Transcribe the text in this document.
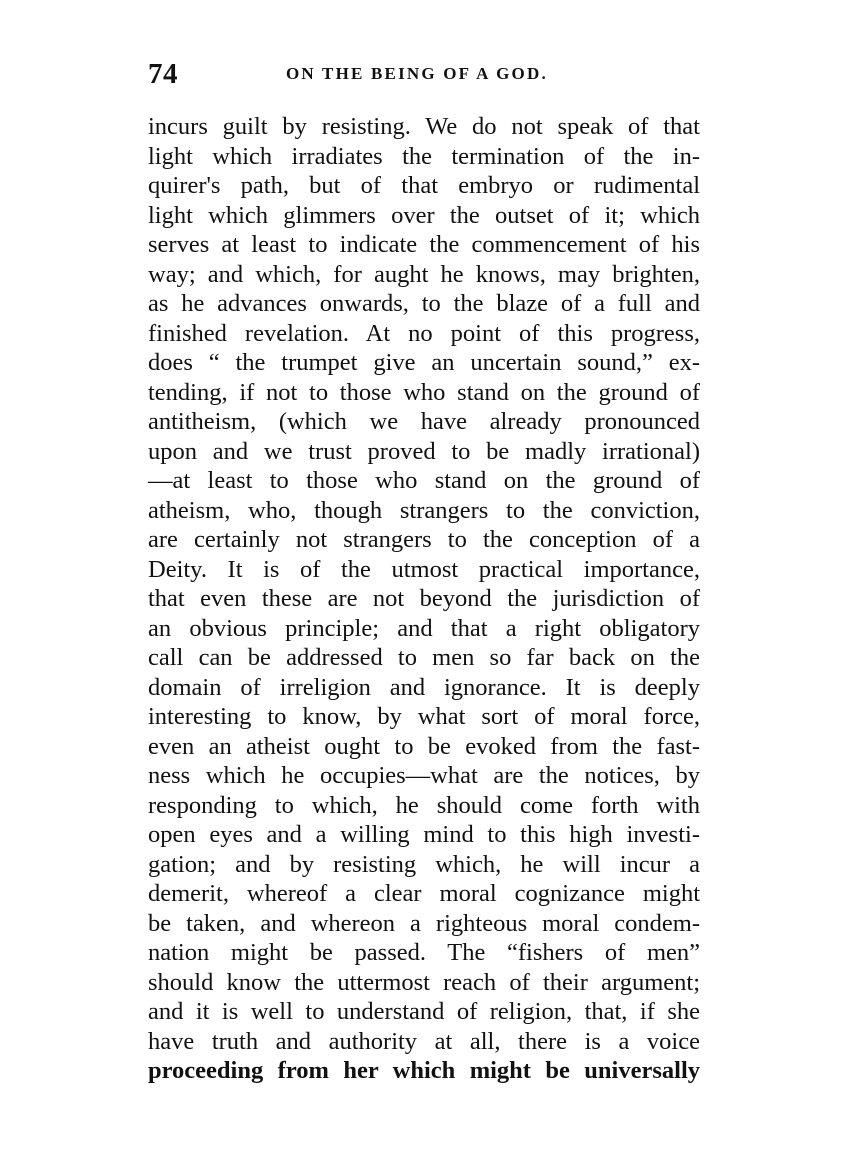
74	ON THE BEING OF A GOD.
incurs guilt by resisting. We do not speak of that
light which irradiates the termination of the in-
quirer's path, but of that embryo or rudimental
light which glimmers over the outset of it; which
serves at least to indicate the commencement of his
way; and which, for aught he knows, may brighten,
as he advances onwards, to the blaze of a full and
finished revelation. At no point of this progress,
does “ the trumpet give an uncertain sound,” ex-
tending, if not to those who stand on the ground of
antitheism, (which we have already pronounced
upon and we trust proved to be madly irrational)
—at least to those who stand on the ground of
atheism, who, though strangers to the conviction,
are certainly not strangers to the conception of a
Deity. It is of the utmost practical importance,
that even these are not beyond the jurisdiction of
an obvious principle; and that a right obligatory
call can be addressed to men so far back on the
domain of irreligion and ignorance. It is deeply
interesting to know, by what sort of moral force,
even an atheist ought to be evoked from the fast-
ness which he occupies—what are the notices, by
responding to which, he should come forth with
open eyes and a willing mind to this high investi-
gation; and by resisting which, he will incur a
demerit, whereof a clear moral cognizance might
be taken, and whereon a righteous moral condem-
nation might be passed. The “fishers of men”
should know the uttermost reach of their argument;
and it is well to understand of religion, that, if she
have truth and authority at all, there is a voice
proceeding from her which might be universally
